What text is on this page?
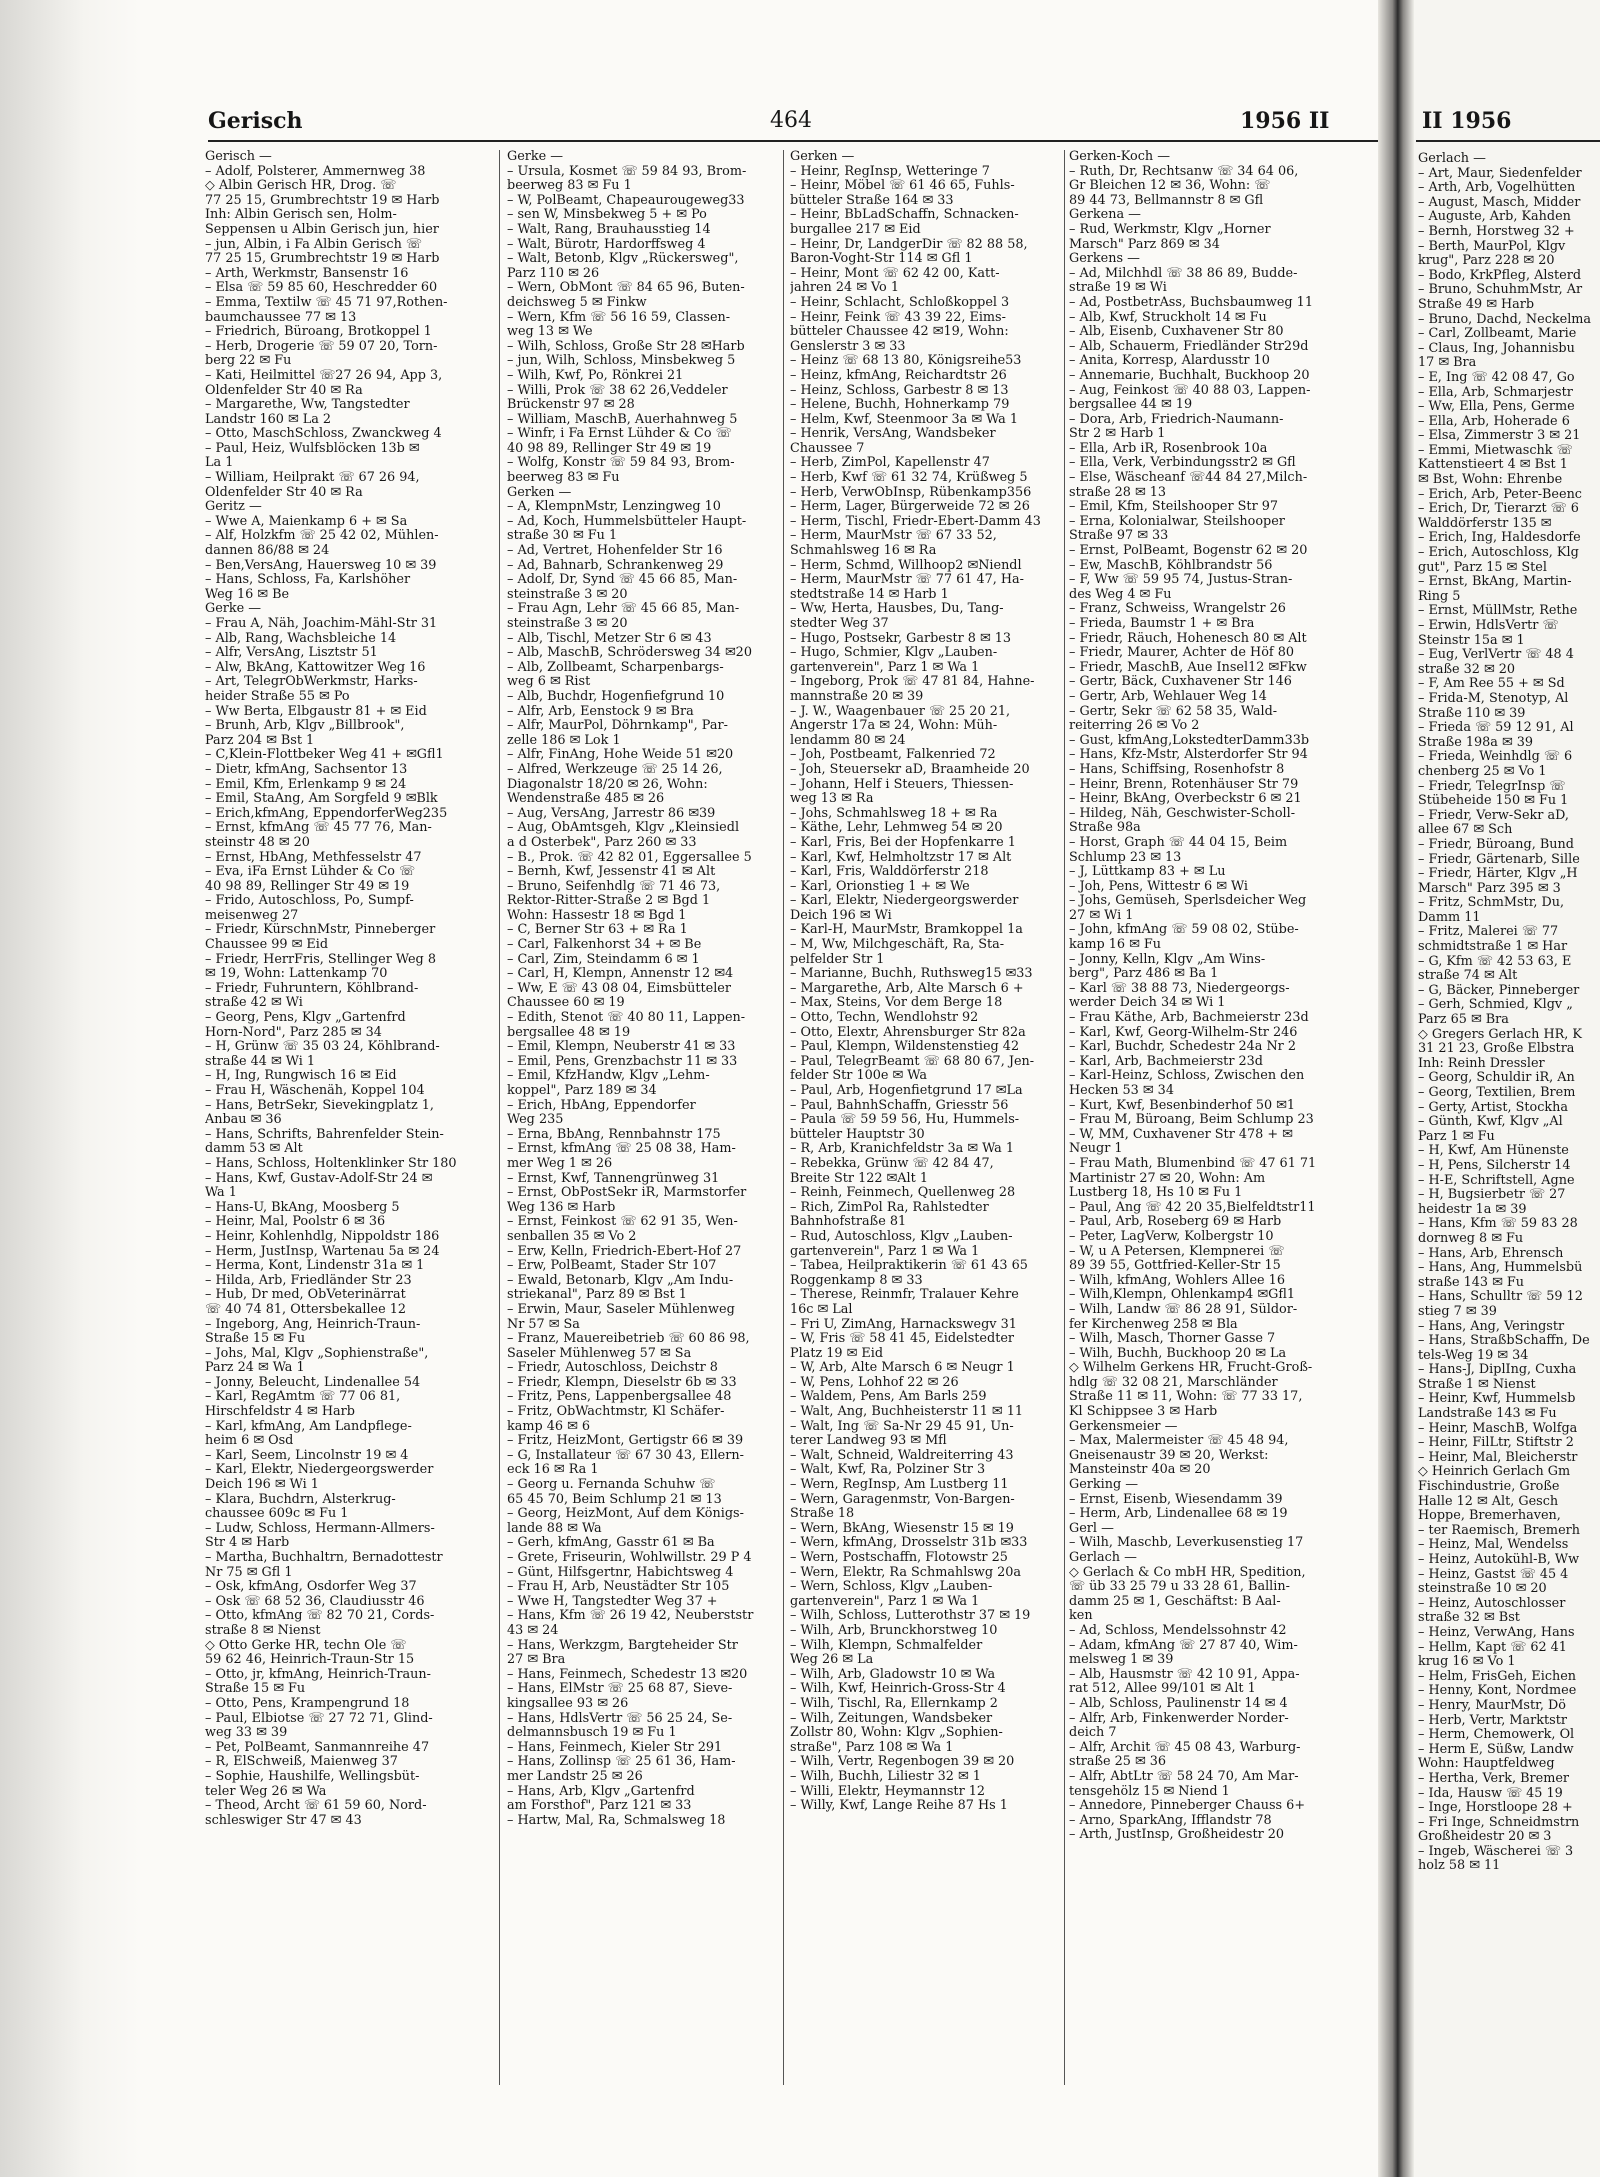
Gerisch	464	1956 II	II 1956
Gerisch —
– Adolf, Polsterer, Ammernweg 38
◇ Albin Gerisch HR, Drog. ☏
77 25 15, Grumbrechtstr 19 ✉ Harb
Inh: Albin Gerisch sen, Holm-
Seppensen u Albin Gerisch jun, hier
– jun, Albin, i Fa Albin Gerisch ☏
77 25 15, Grumbrechtstr 19 ✉ Harb
– Arth, Werkmstr, Bansenstr 16
– Elsa ☏ 59 85 60, Heschredder 60
– Emma, Textilw ☏ 45 71 97,Rothen-
baumchaussee 77 ✉ 13
– Friedrich, Büroang, Brotkoppel 1
– Herb, Drogerie ☏ 59 07 20, Torn-
berg 22 ✉ Fu
– Kati, Heilmittel ☏27 26 94, App 3,
Oldenfelder Str 40 ✉ Ra
– Margarethe, Ww, Tangstedter
Landstr 160 ✉ La 2
– Otto, MaschSchloss, Zwanckweg 4
– Paul, Heiz, Wulfsblöcken 13b ✉
La 1
– William, Heilprakt ☏ 67 26 94,
Oldenfelder Str 40 ✉ Ra
Geritz —
– Wwe A, Maienkamp 6 + ✉ Sa
– Alf, Holzkfm ☏ 25 42 02, Mühlen-
dannen 86/88 ✉ 24
– Ben,VersAng, Hauersweg 10 ✉ 39
– Hans, Schloss, Fa, Karlshöher
Weg 16 ✉ Be
Gerke —
– Frau A, Näh, Joachim-Mähl-Str 31
– Alb, Rang, Wachsbleiche 14
– Alfr, VersAng, Lisztstr 51
– Alw, BkAng, Kattowitzer Weg 16
– Art, TelegrObWerkmstr, Harks-
heider Straße 55 ✉ Po
– Ww Berta, Elbgaustr 81 + ✉ Eid
– Brunh, Arb, Klgv „Billbrook",
Parz 204 ✉ Bst 1
– C,Klein-Flottbeker Weg 41 + ✉Gfl1
– Dietr, kfmAng, Sachsentor 13
– Emil, Kfm, Erlenkamp 9 ✉ 24
– Emil, StaAng, Am Sorgfeld 9 ✉Blk
– Erich,kfmAng, EppendorferWeg235
– Ernst, kfmAng ☏ 45 77 76, Man-
steinstr 48 ✉ 20
– Ernst, HbAng, Methfesselstr 47
– Eva, iFa Ernst Lühder & Co ☏
40 98 89, Rellinger Str 49 ✉ 19
– Frido, Autoschloss, Po, Sumpf-
meisenweg 27
– Friedr, KürschnMstr, Pinneberger
Chaussee 99 ✉ Eid
– Friedr, HerrFris, Stellinger Weg 8
✉ 19, Wohn: Lattenkamp 70
– Friedr, Fuhruntern, Köhlbrand-
straße 42 ✉ Wi
– Georg, Pens, Klgv „Gartenfrd
Horn-Nord", Parz 285 ✉ 34
– H, Grünw ☏ 35 03 24, Köhlbrand-
straße 44 ✉ Wi 1
– H, Ing, Rungwisch 16 ✉ Eid
– Frau H, Wäschenäh, Koppel 104
– Hans, BetrSekr, Sievekingplatz 1,
Anbau ✉ 36
– Hans, Schrifts, Bahrenfelder Stein-
damm 53 ✉ Alt
– Hans, Schloss, Holtenklinker Str 180
– Hans, Kwf, Gustav-Adolf-Str 24 ✉
Wa 1
– Hans-U, BkAng, Moosberg 5
– Heinr, Mal, Poolstr 6 ✉ 36
– Heinr, Kohlenhdlg, Nippoldstr 186
– Herm, JustInsp, Wartenau 5a ✉ 24
– Herma, Kont, Lindenstr 31a ✉ 1
– Hilda, Arb, Friedländer Str 23
– Hub, Dr med, ObVeterinärrat
☏ 40 74 81, Ottersbekallee 12
– Ingeborg, Ang, Heinrich-Traun-
Straße 15 ✉ Fu
– Johs, Mal, Klgv „Sophienstraße",
Parz 24 ✉ Wa 1
– Jonny, Beleucht, Lindenallee 54
– Karl, RegAmtm ☏ 77 06 81,
Hirschfeldstr 4 ✉ Harb
– Karl, kfmAng, Am Landpflege-
heim 6 ✉ Osd
– Karl, Seem, Lincolnstr 19 ✉ 4
– Karl, Elektr, Niedergeorgswerder
Deich 196 ✉ Wi 1
– Klara, Buchdrn, Alsterkrug-
chaussee 609c ✉ Fu 1
– Ludw, Schloss, Hermann-Allmers-
Str 4 ✉ Harb
– Martha, Buchhaltrn, Bernadottestr
Nr 75 ✉ Gfl 1
– Osk, kfmAng, Osdorfer Weg 37
– Osk ☏ 68 52 36, Claudiusstr 46
– Otto, kfmAng ☏ 82 70 21, Cords-
straße 8 ✉ Nienst
◇ Otto Gerke HR, techn Öle ☏
59 62 46, Heinrich-Traun-Str 15
– Otto, jr, kfmAng, Heinrich-Traun-
Straße 15 ✉ Fu
– Otto, Pens, Krampengrund 18
– Paul, Elbiotse ☏ 27 72 71, Glind-
weg 33 ✉ 39
– Pet, PolBeamt, Sanmannreihe 47
– R, ElSchweiß, Maienweg 37
– Sophie, Haushilfe, Wellingsbüt-
teler Weg 26 ✉ Wa
– Theod, Archt ☏ 61 59 60, Nord-
schleswiger Str 47 ✉ 43
Gerke —
– Ursula, Kosmet ☏ 59 84 93, Brom-
beerweg 83 ✉ Fu 1
– W, PolBeamt, Chapeaurougeweg33
– sen W, Minsbekweg 5 + ✉ Po
– Walt, Rang, Brauhausstieg 14
– Walt, Bürotr, Hardorffsweg 4
– Walt, Betonb, Klgv „Rückersweg",
Parz 110 ✉ 26
– Wern, ObMont ☏ 84 65 96, Buten-
deichsweg 5 ✉ Finkw
– Wern, Kfm ☏ 56 16 59, Classen-
weg 13 ✉ We
– Wilh, Schloss, Große Str 28 ✉Harb
– jun, Wilh, Schloss, Minsbekweg 5
– Wilh, Kwf, Po, Rönkrei 21
– Willi, Prok ☏ 38 62 26,Veddeler
Brückenstr 97 ✉ 28
– William, MaschB, Auerhahnweg 5
– Winfr, i Fa Ernst Lühder & Co ☏
40 98 89, Rellinger Str 49 ✉ 19
– Wolfg, Konstr ☏ 59 84 93, Brom-
beerweg 83 ✉ Fu
Gerken —
– A, KlempnMstr, Lenzingweg 10
– Ad, Koch, Hummelsbütteler Haupt-
straße 30 ✉ Fu 1
– Ad, Vertret, Hohenfelder Str 16
– Ad, Bahnarb, Schrankenweg 29
– Adolf, Dr, Synd ☏ 45 66 85, Man-
steinstraße 3 ✉ 20
– Frau Agn, Lehr ☏ 45 66 85, Man-
steinstraße 3 ✉ 20
– Alb, Tischl, Metzer Str 6 ✉ 43
– Alb, MaschB, Schrödersweg 34 ✉20
– Alb, Zollbeamt, Scharpenbargs-
weg 6 ✉ Rist
– Alb, Buchdr, Hogenfiefgrund 10
– Alfr, Arb, Eenstock 9 ✉ Bra
– Alfr, MaurPol, Döhrnkamp", Par-
zelle 186 ✉ Lok 1
– Alfr, FinAng, Hohe Weide 51 ✉20
– Alfred, Werkzeuge ☏ 25 14 26,
Diagonalstr 18/20 ✉ 26, Wohn:
Wendenstraße 485 ✉ 26
– Aug, VersAng, Jarrestr 86 ✉39
– Aug, ObAmtsgeh, Klgv „Kleinsiedl
a d Osterbek", Parz 260 ✉ 33
– B., Prok. ☏ 42 82 01, Eggersallee 5
– Bernh, Kwf, Jessenstr 41 ✉ Alt
– Bruno, Seifenhdlg ☏ 71 46 73,
Rektor-Ritter-Straße 2 ✉ Bgd 1
Wohn: Hassestr 18 ✉ Bgd 1
– C, Berner Str 63 + ✉ Ra 1
– Carl, Falkenhorst 34 + ✉ Be
– Carl, Zim, Steindamm 6 ✉ 1
– Carl, H, Klempn, Annenstr 12 ✉4
– Ww, E ☏ 43 08 04, Eimsbütteler
Chaussee 60 ✉ 19
– Edith, Stenot ☏ 40 80 11, Lappen-
bergsallee 48 ✉ 19
– Emil, Klempn, Neuberstr 41 ✉ 33
– Emil, Pens, Grenzbachstr 11 ✉ 33
– Emil, KfzHandw, Klgv „Lehm-
koppel", Parz 189 ✉ 34
– Erich, HbAng, Eppendorfer
Weg 235
– Erna, BbAng, Rennbahnstr 175
– Ernst, kfmAng ☏ 25 08 38, Ham-
mer Weg 1 ✉ 26
– Ernst, Kwf, Tannengrünweg 31
– Ernst, ObPostSekr iR, Marmstorfer
Weg 136 ✉ Harb
– Ernst, Feinkost ☏ 62 91 35, Wen-
senballen 35 ✉ Vo 2
– Erw, Kelln, Friedrich-Ebert-Hof 27
– Erw, PolBeamt, Stader Str 107
– Ewald, Betonarb, Klgv „Am Indu-
striekanal", Parz 89 ✉ Bst 1
– Erwin, Maur, Saseler Mühlenweg
Nr 57 ✉ Sa
– Franz, Mauereibetrieb ☏ 60 86 98,
Saseler Mühlenweg 57 ✉ Sa
– Friedr, Autoschloss, Deichstr 8
– Friedr, Klempn, Dieselstr 6b ✉ 33
– Fritz, Pens, Lappenbergsallee 48
– Fritz, ObWachtmstr, Kl Schäfer-
kamp 46 ✉ 6
– Fritz, HeizMont, Gertigstr 66 ✉ 39
– G, Installateur ☏ 67 30 43, Ellern-
eck 16 ✉ Ra 1
– Georg u. Fernanda Schuhw ☏
65 45 70, Beim Schlump 21 ✉ 13
– Georg, HeizMont, Auf dem Königs-
lande 88 ✉ Wa
– Gerh, kfmAng, Gasstr 61 ✉ Ba
– Grete, Friseurin, Wohlwillstr. 29 P 4
– Günt, Hilfsgertnr, Habichtsweg 4
– Frau H, Arb, Neustädter Str 105
– Wwe H, Tangstedter Weg 37 +
– Hans, Kfm ☏ 26 19 42, Neuberststr
43 ✉ 24
– Hans, Werkzgm, Bargteheider Str
27 ✉ Bra
– Hans, Feinmech, Schedestr 13 ✉20
– Hans, ElMstr ☏ 25 68 87, Sieve-
kingsallee 93 ✉ 26
– Hans, HdlsVertr ☏ 56 25 24, Se-
delmannsbusch 19 ✉ Fu 1
– Hans, Feinmech, Kieler Str 291
– Hans, Zollinsp ☏ 25 61 36, Ham-
mer Landstr 25 ✉ 26
– Hans, Arb, Klgv „Gartenfrd
am Forsthof", Parz 121 ✉ 33
– Hartw, Mal, Ra, Schmalsweg 18
Gerken —
– Heinr, RegInsp, Wetteringe 7
– Heinr, Möbel ☏ 61 46 65, Fuhls-
bütteler Straße 164 ✉ 33
– Heinr, BbLadSchaffn, Schnacken-
burgallee 217 ✉ Eid
– Heinr, Dr, LandgerDir ☏ 82 88 58,
Baron-Voght-Str 114 ✉ Gfl 1
– Heinr, Mont ☏ 62 42 00, Katt-
jahren 24 ✉ Vo 1
– Heinr, Schlacht, Schloßkoppel 3
– Heinr, Feink ☏ 43 39 22, Eims-
bütteler Chaussee 42 ✉19, Wohn:
Genslerstr 3 ✉ 33
– Heinz ☏ 68 13 80, Königsreihe53
– Heinz, kfmAng, Reichardtstr 26
– Heinz, Schloss, Garbestr 8 ✉ 13
– Helene, Buchh, Hohnerkamp 79
– Helm, Kwf, Steenmoor 3a ✉ Wa 1
– Henrik, VersAng, Wandsbeker
Chaussee 7
– Herb, ZimPol, Kapellenstr 47
– Herb, Kwf ☏ 61 32 74, Krüßweg 5
– Herb, VerwObInsp, Rübenkamp356
– Herm, Lager, Bürgerweide 72 ✉ 26
– Herm, Tischl, Friedr-Ebert-Damm 43
– Herm, MaurMstr ☏ 67 33 52,
Schmahlsweg 16 ✉ Ra
– Herm, Schmd, Willhoop2 ✉Niendl
– Herm, MaurMstr ☏ 77 61 47, Ha-
stedtstraße 14 ✉ Harb 1
– Ww, Herta, Hausbes, Du, Tang-
stedter Weg 37
– Hugo, Postsekr, Garbestr 8 ✉ 13
– Hugo, Schmier, Klgv „Lauben-
gartenverein", Parz 1 ✉ Wa 1
– Ingeborg, Prok ☏ 47 81 84, Hahne-
mannstraße 20 ✉ 39
– J. W., Waagenbauer ☏ 25 20 21,
Angerstr 17a ✉ 24, Wohn: Müh-
lendamm 80 ✉ 24
– Joh, Postbeamt, Falkenried 72
– Joh, Steuersekr aD, Braamheide 20
– Johann, Helf i Steuers, Thiessen-
weg 13 ✉ Ra
– Johs, Schmahlsweg 18 + ✉ Ra
– Käthe, Lehr, Lehmweg 54 ✉ 20
– Karl, Fris, Bei der Hopfenkarre 1
– Karl, Kwf, Helmholtzstr 17 ✉ Alt
– Karl, Fris, Walddörferstr 218
– Karl, Orionstieg 1 + ✉ We
– Karl, Elektr, Niedergeorgswerder
Deich 196 ✉ Wi
– Karl-H, MaurMstr, Bramkoppel 1a
– M, Ww, Milchgeschäft, Ra, Sta-
pelfelder Str 1
– Marianne, Buchh, Ruthsweg15 ✉33
– Margarethe, Arb, Alte Marsch 6 +
– Max, Steins, Vor dem Berge 18
– Otto, Techn, Wendlohstr 92
– Otto, Elextr, Ahrensburger Str 82a
– Paul, Klempn, Wildenstenstieg 42
– Paul, TelegrBeamt ☏ 68 80 67, Jen-
felder Str 100e ✉ Wa
– Paul, Arb, Hogenfietgrund 17 ✉La
– Paul, BahnhSchaffn, Griesstr 56
– Paula ☏ 59 59 56, Hu, Hummels-
bütteler Hauptstr 30
– R, Arb, Kranichfeldstr 3a ✉ Wa 1
– Rebekka, Grünw ☏ 42 84 47,
Breite Str 122 ✉Alt 1
– Reinh, Feinmech, Quellenweg 28
– Rich, ZimPol Ra, Rahlstedter
Bahnhofstraße 81
– Rud, Autoschloss, Klgv „Lauben-
gartenverein", Parz 1 ✉ Wa 1
– Tabea, Heilpraktikerin ☏ 61 43 65
Roggenkamp 8 ✉ 33
– Therese, Reinmfr, Tralauer Kehre
16c ✉ Lal
– Fri U, ZimAng, Harnackswegv 31
– W, Fris ☏ 58 41 45, Eidelstedter
Platz 19 ✉ Eid
– W, Arb, Alte Marsch 6 ✉ Neugr 1
– W, Pens, Lohhof 22 ✉ 26
– Waldem, Pens, Am Barls 259
– Walt, Ang, Buchheisterstr 11 ✉ 11
– Walt, Ing ☏ Sa-Nr 29 45 91, Un-
terer Landweg 93 ✉ Mfl
– Walt, Schneid, Waldreiterring 43
– Walt, Kwf, Ra, Polziner Str 3
– Wern, RegInsp, Am Lustberg 11
– Wern, Garagenmstr, Von-Bargen-
Straße 18
– Wern, BkAng, Wiesenstr 15 ✉ 19
– Wern, kfmAng, Drosselstr 31b ✉33
– Wern, Postschaffn, Flotowstr 25
– Wern, Elektr, Ra Schmahlswg 20a
– Wern, Schloss, Klgv „Lauben-
gartenverein", Parz 1 ✉ Wa 1
– Wilh, Schloss, Lutterothstr 37 ✉ 19
– Wilh, Arb, Brunckhorstweg 10
– Wilh, Klempn, Schmalfelder
Weg 26 ✉ La
– Wilh, Arb, Gladowstr 10 ✉ Wa
– Wilh, Kwf, Heinrich-Gross-Str 4
– Wilh, Tischl, Ra, Ellernkamp 2
– Wilh, Zeitungen, Wandsbeker
Zollstr 80, Wohn: Klgv „Sophien-
straße", Parz 108 ✉ Wa 1
– Wilh, Vertr, Regenbogen 39 ✉ 20
– Wilh, Buchh, Liliestr 32 ✉ 1
– Willi, Elektr, Heymannstr 12
– Willy, Kwf, Lange Reihe 87 Hs 1
Gerken-Koch —
– Ruth, Dr, Rechtsanw ☏ 34 64 06,
Gr Bleichen 12 ✉ 36, Wohn: ☏
89 44 73, Bellmannstr 8 ✉ Gfl
Gerkena —
– Rud, Werkmstr, Klgv „Horner
Marsch" Parz 869 ✉ 34
Gerkens —
– Ad, Milchhdl ☏ 38 86 89, Budde-
straße 19 ✉ Wi
– Ad, PostbetrAss, Buchsbaumweg 11
– Alb, Kwf, Struckholt 14 ✉ Fu
– Alb, Eisenb, Cuxhavener Str 80
– Alb, Schauerm, Friedländer Str29d
– Anita, Korresp, Alardusstr 10
– Annemarie, Buchhalt, Buckhoop 20
– Aug, Feinkost ☏ 40 88 03, Lappen-
bergsallee 44 ✉ 19
– Dora, Arb, Friedrich-Naumann-
Str 2 ✉ Harb 1
– Ella, Arb iR, Rosenbrook 10a
– Ella, Verk, Verbindungsstr2 ✉ Gfl
– Else, Wäscheanf ☏44 84 27,Milch-
straße 28 ✉ 13
– Emil, Kfm, Steilshooper Str 97
– Erna, Kolonialwar, Steilshooper
Straße 97 ✉ 33
– Ernst, PolBeamt, Bogenstr 62 ✉ 20
– Ew, MaschB, Köhlbrandstr 56
– F, Ww ☏ 59 95 74, Justus-Stran-
des Weg 4 ✉ Fu
– Franz, Schweiss, Wrangelstr 26
– Frieda, Baumstr 1 + ✉ Bra
– Friedr, Räuch, Hohenesch 80 ✉ Alt
– Friedr, Maurer, Achter de Höf 80
– Friedr, MaschB, Aue Insel12 ✉Fkw
– Gertr, Bäck, Cuxhavener Str 146
– Gertr, Arb, Wehlauer Weg 14
– Gertr, Sekr ☏ 62 58 35, Wald-
reiterring 26 ✉ Vo 2
– Gust, kfmAng,LokstedterDamm33b
– Hans, Kfz-Mstr, Alsterdorfer Str 94
– Hans, Schiffsing, Rosenhofstr 8
– Heinr, Brenn, Rotenhäuser Str 79
– Heinr, BkAng, Overbeckstr 6 ✉ 21
– Hildeg, Näh, Geschwister-Scholl-
Straße 98a
– Horst, Graph ☏ 44 04 15, Beim
Schlump 23 ✉ 13
– J, Lüttkamp 83 + ✉ Lu
– Joh, Pens, Wittestr 6 ✉ Wi
– Johs, Gemüseh, Sperlsdeicher Weg
27 ✉ Wi 1
– John, kfmAng ☏ 59 08 02, Stübe-
kamp 16 ✉ Fu
– Jonny, Kelln, Klgv „Am Wins-
berg", Parz 486 ✉ Ba 1
– Karl ☏ 38 88 73, Niedergeorgs-
werder Deich 34 ✉ Wi 1
– Frau Käthe, Arb, Bachmeierstr 23d
– Karl, Kwf, Georg-Wilhelm-Str 246
– Karl, Buchdr, Schedestr 24a Nr 2
– Karl, Arb, Bachmeierstr 23d
– Karl-Heinz, Schloss, Zwischen den
Hecken 53 ✉ 34
– Kurt, Kwf, Besenbinderhof 50 ✉1
– Frau M, Büroang, Beim Schlump 23
– W, MM, Cuxhavener Str 478 + ✉
Neugr 1
– Frau Math, Blumenbind ☏ 47 61 71
Martinistr 27 ✉ 20, Wohn: Am
Lustberg 18, Hs 10 ✉ Fu 1
– Paul, Ang ☏ 42 20 35,Bielfeldtstr11
– Paul, Arb, Roseberg 69 ✉ Harb
– Peter, LagVerw, Kolbergstr 10
– W, u A Petersen, Klempnerei ☏
89 39 55, Gottfried-Keller-Str 15
– Wilh, kfmAng, Wohlers Allee 16
– Wilh,Klempn, Ohlenkamp4 ✉Gfl1
– Wilh, Landw ☏ 86 28 91, Süldor-
fer Kirchenweg 258 ✉ Bla
– Wilh, Masch, Thorner Gasse 7
– Wilh, Buchh, Buckhoop 20 ✉ La
◇ Wilhelm Gerkens HR, Frucht-Groß-
hdlg ☏ 32 08 21, Marschländer
Straße 11 ✉ 11, Wohn: ☏ 77 33 17,
Kl Schippsee 3 ✉ Harb
Gerkensmeier —
– Max, Malermeister ☏ 45 48 94,
Gneisenaustr 39 ✉ 20, Werkst:
Mansteinstr 40a ✉ 20
Gerking —
– Ernst, Eisenb, Wiesendamm 39
– Herm, Arb, Lindenallee 68 ✉ 19
Gerl —
– Wilh, Maschb, Leverkusenstieg 17
Gerlach —
◇ Gerlach & Co mbH HR, Spedition,
☏ üb 33 25 79 u 33 28 61, Ballin-
damm 25 ✉ 1, Geschäftst: B Aal-
ken
– Ad, Schloss, Mendelssohnstr 42
– Adam, kfmAng ☏ 27 87 40, Wim-
melsweg 1 ✉ 39
– Alb, Hausmstr ☏ 42 10 91, Appa-
rat 512, Allee 99/101 ✉ Alt 1
– Alb, Schloss, Paulinenstr 14 ✉ 4
– Alfr, Arb, Finkenwerder Norder-
deich 7
– Alfr, Archit ☏ 45 08 43, Warburg-
straße 25 ✉ 36
– Alfr, AbtLtr ☏ 58 24 70, Am Mar-
tensgehölz 15 ✉ Niend 1
– Annedore, Pinneberger Chauss 6+
– Arno, SparkAng, Ifflandstr 78
– Arth, JustInsp, Großheidestr 20
Gerlach —
– Art, Maur, Siedenfelder
– Arth, Arb, Vogelhütten
– August, Masch, Midder
– Auguste, Arb, Kahden
– Bernh, Horstweg 32 +
– Berth, MaurPol, Klgv
krug", Parz 228 ✉ 20
– Bodo, KrkPfleg, Alsterd
– Bruno, SchuhmMstr, Ar
Straße 49 ✉ Harb
– Bruno, Dachd, Neckelma
– Carl, Zollbeamt, Marie
– Claus, Ing, Johannisbu
17 ✉ Bra
– E, Ing ☏ 42 08 47, Go
– Ella, Arb, Schmarjestr
– Ww, Ella, Pens, Germe
– Ella, Arb, Hoherade 6
– Elsa, Zimmerstr 3 ✉ 21
– Emmi, Mietwaschk ☏
Kattenstieert 4 ✉ Bst 1
✉ Bst, Wohn: Ehrenbe
– Erich, Arb, Peter-Beenc
– Erich, Dr, Tierarzt ☏ 6
Walddörferstr 135 ✉
– Erich, Ing, Haldesdorfe
– Erich, Autoschloss, Klg
gut", Parz 15 ✉ Stel
– Ernst, BkAng, Martin-
Ring 5
– Ernst, MüllMstr, Rethe
– Erwin, HdlsVertr ☏
Steinstr 15a ✉ 1
– Eug, VerlVertr ☏ 48 4
straße 32 ✉ 20
– F, Am Ree 55 + ✉ Sd
– Frida-M, Stenotyp, Al
Straße 110 ✉ 39
– Frieda ☏ 59 12 91, Al
Straße 198a ✉ 39
– Frieda, Weinhdlg ☏ 6
chenberg 25 ✉ Vo 1
– Friedr, TelegrInsp ☏
Stübeheide 150 ✉ Fu 1
– Friedr, Verw-Sekr aD,
allee 67 ✉ Sch
– Friedr, Büroang, Bund
– Friedr, Gärtenarb, Sille
– Friedr, Härter, Klgv „H
Marsch" Parz 395 ✉ 3
– Fritz, SchmMstr, Du,
Damm 11
– Fritz, Malerei ☏ 77
schmidtstraße 1 ✉ Har
– G, Kfm ☏ 42 53 63, E
straße 74 ✉ Alt
– G, Bäcker, Pinneberger
– Gerh, Schmied, Klgv „
Parz 65 ✉ Bra
◇ Gregers Gerlach HR, K
31 21 23, Große Elbstra
Inh: Reinh Dressler
– Georg, Schuldir iR, An
– Georg, Textilien, Brem
– Gerty, Artist, Stockha
– Günth, Kwf, Klgv „Al
Parz 1 ✉ Fu
– H, Kwf, Am Hünenste
– H, Pens, Silcherstr 14
– H-E, Schriftstell, Agne
– H, Bugsierbetr ☏ 27
heidestr 1a ✉ 39
– Hans, Kfm ☏ 59 83 28
dornweg 8 ✉ Fu
– Hans, Arb, Ehrensch
– Hans, Ang, Hummelsbü
straße 143 ✉ Fu
– Hans, Schulltr ☏ 59 12
stieg 7 ✉ 39
– Hans, Ang, Veringstr
– Hans, StraßbSchaffn, De
tels-Weg 19 ✉ 34
– Hans-J, DiplIng, Cuxha
Straße 1 ✉ Nienst
– Heinr, Kwf, Hummelsb
Landstraße 143 ✉ Fu
– Heinr, MaschB, Wolfga
– Heinr, FilLtr, Stiftstr 2
– Heinr, Mal, Bleicherstr
◇ Heinrich Gerlach Gm
Fischindustrie, Große
Halle 12 ✉ Alt, Gesch
Hoppe, Bremerhaven,
– ter Raemisch, Bremerh
– Heinz, Mal, Wendelss
– Heinz, Autokühl-B, Ww
– Heinz, Gastst ☏ 45 4
steinstraße 10 ✉ 20
– Heinz, Autoschlosser
straße 32 ✉ Bst
– Heinz, VerwAng, Hans
– Hellm, Kapt ☏ 62 41
krug 16 ✉ Vo 1
– Helm, FrisGeh, Eichen
– Henny, Kont, Nordmee
– Henry, MaurMstr, Dö
– Herb, Vertr, Marktstr
– Herm, Chemowerk, Ol
– Herm E, Süßw, Landw
Wohn: Hauptfeldweg
– Hertha, Verk, Bremer
– Ida, Hausw ☏ 45 19
– Inge, Horstloope 28 +
– Fri Inge, Schneidmstrn
Großheidestr 20 ✉ 3
– Ingeb, Wäscherei ☏ 3
holz 58 ✉ 11
